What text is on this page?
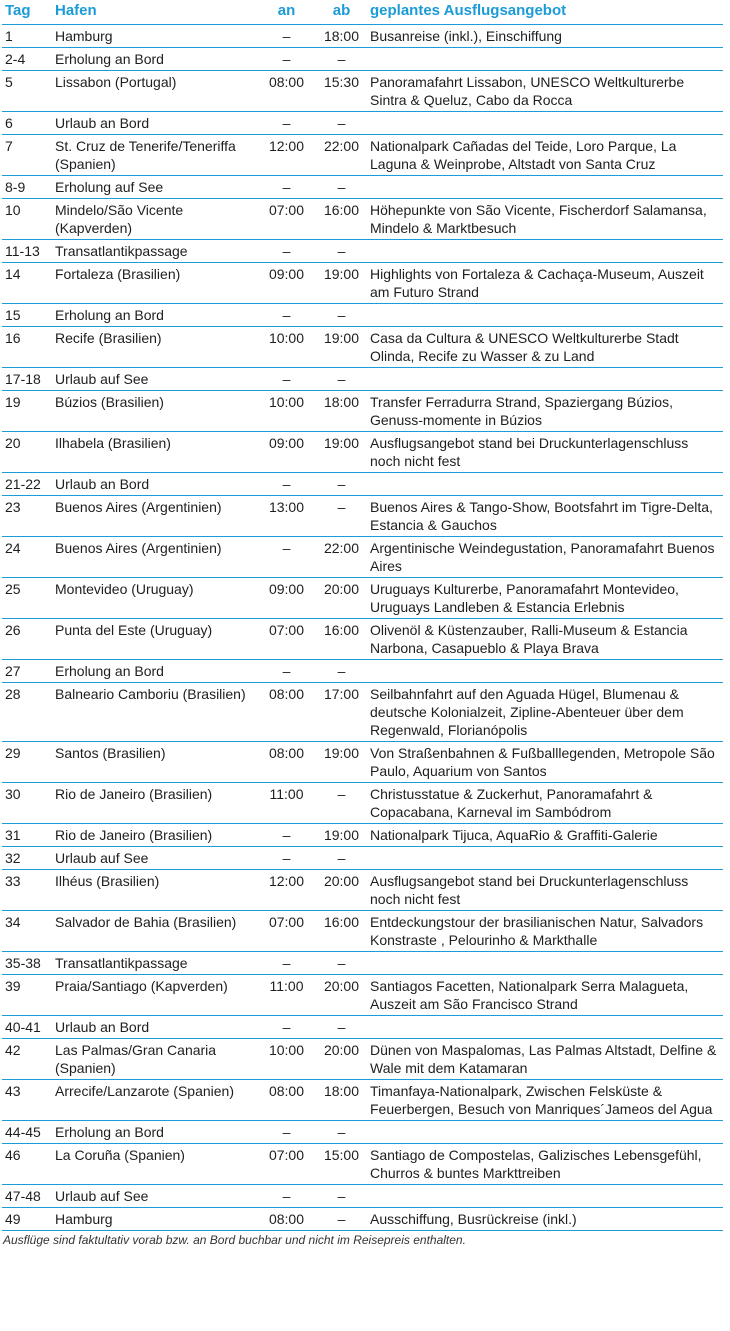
Tag	Hafen	an	ab	geplantes Ausflugsangebot
1	Hamburg	–	18:00	Busanreise (inkl.), Einschiffung
2-4	Erholung an Bord	–	–	
5	Lissabon (Portugal)	08:00	15:30	Panoramafahrt Lissabon, UNESCO Weltkulturerbe Sintra & Queluz, Cabo da Rocca
6	Urlaub an Bord	–	–	
7	St. Cruz de Tenerife/Teneriffa (Spanien)	12:00	22:00	Nationalpark Cañadas del Teide, Loro Parque, La Laguna & Weinprobe, Altstadt von Santa Cruz
8-9	Erholung auf See	–	–	
10	Mindelo/São Vicente (Kapverden)	07:00	16:00	Höhepunkte von São Vicente, Fischerdorf Salamansa, Mindelo & Marktbesuch
11-13	Transatlantikpassage	–	–	
14	Fortaleza (Brasilien)	09:00	19:00	Highlights von Fortaleza & Cachaça-Museum, Auszeit am Futuro Strand
15	Erholung an Bord	–	–	
16	Recife (Brasilien)	10:00	19:00	Casa da Cultura & UNESCO Weltkulturerbe Stadt Olinda, Recife zu Wasser & zu Land
17-18	Urlaub auf See	–	–	
19	Búzios (Brasilien)	10:00	18:00	Transfer Ferradurra Strand, Spaziergang Búzios, Genuss-momente in Búzios
20	Ilhabela (Brasilien)	09:00	19:00	Ausflugsangebot stand bei Druckunterlagenschluss noch nicht fest
21-22	Urlaub an Bord	–	–	
23	Buenos Aires (Argentinien)	13:00	–	Buenos Aires & Tango-Show, Bootsfahrt im Tigre-Delta, Estancia & Gauchos
24	Buenos Aires (Argentinien)	–	22:00	Argentinische Weindegustation, Panoramafahrt Buenos Aires
25	Montevideo (Uruguay)	09:00	20:00	Uruguays Kulturerbe, Panoramafahrt Montevideo, Uruguays Landleben & Estancia Erlebnis
26	Punta del Este (Uruguay)	07:00	16:00	Olivenöl & Küstenzauber, Ralli-Museum & Estancia Narbona, Casapueblo & Playa Brava
27	Erholung an Bord	–	–	
28	Balneario Camboriu (Brasilien)	08:00	17:00	Seilbahnfahrt auf den Aguada Hügel, Blumenau & deutsche Kolonialzeit, Zipline-Abenteuer über dem Regenwald, Florianópolis
29	Santos (Brasilien)	08:00	19:00	Von Straßenbahnen & Fußballlegenden, Metropole São Paulo, Aquarium von Santos
30	Rio de Janeiro (Brasilien)	11:00	–	Christusstatue & Zuckerhut, Panoramafahrt & Copacabana, Karneval im Sambódrom
31	Rio de Janeiro (Brasilien)	–	19:00	Nationalpark Tijuca, AquaRio & Graffiti-Galerie
32	Urlaub auf See	–	–	
33	Ilhéus (Brasilien)	12:00	20:00	Ausflugsangebot stand bei Druckunterlagenschluss noch nicht fest
34	Salvador de Bahia (Brasilien)	07:00	16:00	Entdeckungstour der brasilianischen Natur, Salvadors Konstraste , Pelourinho & Markthalle
35-38	Transatlantikpassage	–	–	
39	Praia/Santiago (Kapverden)	11:00	20:00	Santiagos Facetten, Nationalpark Serra Malagueta, Auszeit am São Francisco Strand
40-41	Urlaub an Bord	–	–	
42	Las Palmas/Gran Canaria (Spanien)	10:00	20:00	Dünen von Maspalomas, Las Palmas Altstadt, Delfine & Wale mit dem Katamaran
43	Arrecife/Lanzarote (Spanien)	08:00	18:00	Timanfaya-Nationalpark, Zwischen Felsküste & Feuerbergen, Besuch von Manriques´Jameos del Agua
44-45	Erholung an Bord	–	–	
46	La Coruña (Spanien)	07:00	15:00	Santiago de Compostelas, Galizisches Lebensgefühl, Churros & buntes Markttreiben
47-48	Urlaub auf See	–	–	
49	Hamburg	08:00	–	Ausschiffung, Busrückreise (inkl.)
Ausflüge sind faktultativ vorab bzw. an Bord buchbar und nicht im Reisepreis enthalten.
